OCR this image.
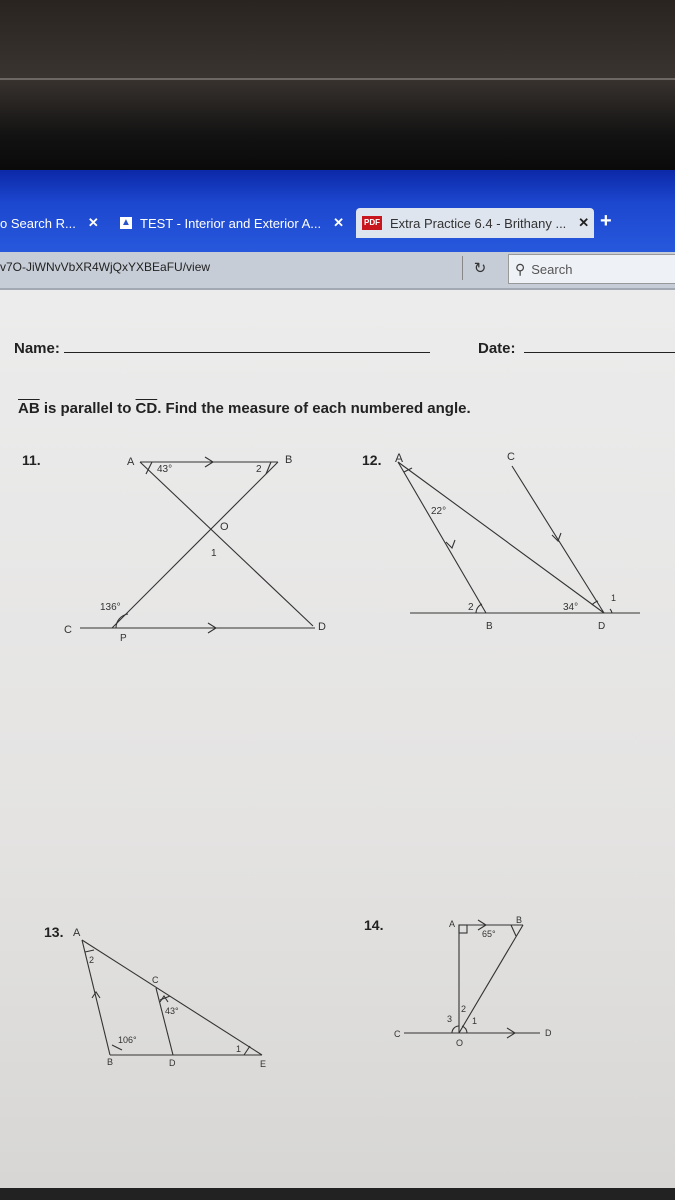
o Search R... ✕ ▲ TEST - Interior and Exterior A... ✕ PDF Extra Practice 6.4 - Brithany ... ✕ +
v7O-JiWNvVbXR4WjQxYXBEaFU/view	↻ ⚲ Search
Name:	Date:
$\overline{AB}$ is parallel to $\overline{CD}$. Find the measure of each numbered angle.
11.	12.
13.	14.
A	B
C	D
P
O
43°
136°
1
2
A	C
B	D
22°
34°
1
2
A
B
C
D	E
106°
43°
1
2
A	B
C	D
O
65°
1
2
3
